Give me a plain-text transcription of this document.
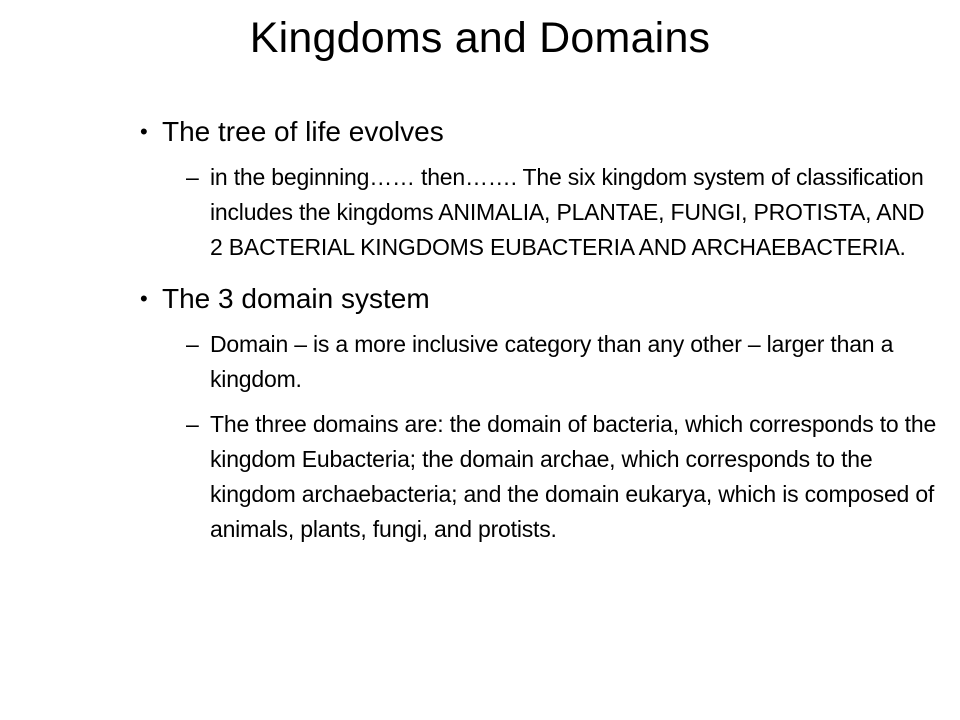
Kingdoms and Domains
• The tree of life evolves
– in the beginning…… then……. The six kingdom system of classification includes the kingdoms ANIMALIA, PLANTAE, FUNGI, PROTISTA, AND 2 BACTERIAL KINGDOMS EUBACTERIA AND ARCHAEBACTERIA.
• The 3 domain system
– Domain – is a more inclusive category than any other – larger than a kingdom.
– The three domains are: the domain of bacteria, which corresponds to the kingdom Eubacteria; the domain archae, which corresponds to the kingdom archaebacteria; and the domain eukarya, which is composed of animals, plants, fungi, and protists.
